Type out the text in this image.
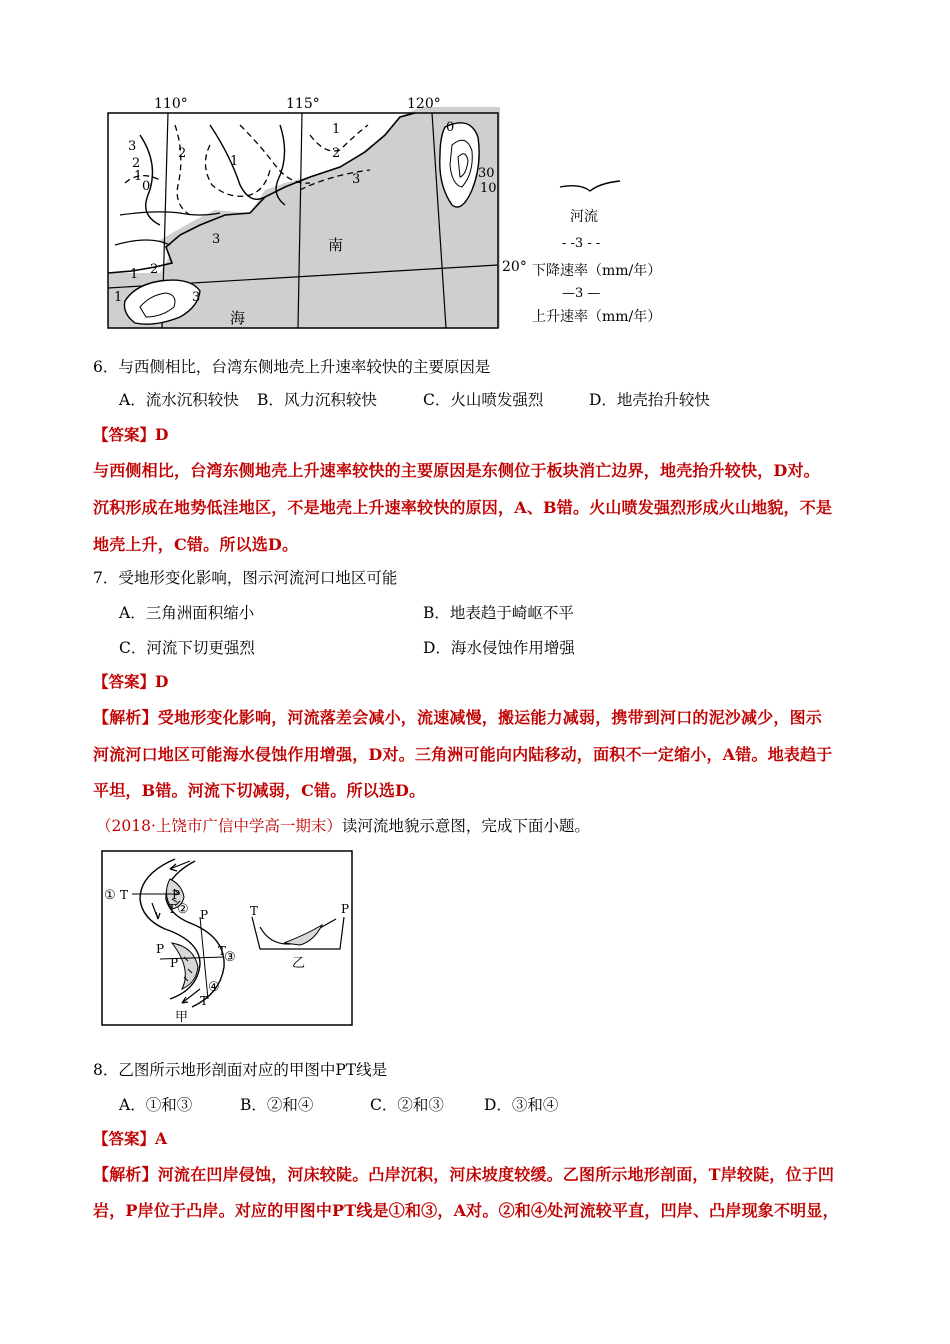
110°	115°	120°
20°
南
海
3
2
1
0
1
2
1
2
3
3
1 2
1	3
0
30
10
河流
- -3 - -
下降速率（mm/年）
—3 —
上升速率（mm/年）
6．与西侧相比，台湾东侧地壳上升速率较快的主要原因是
A．流水沉积较快 B．风力沉积较快	C．火山喷发强烈	D．地壳抬升较快
【答案】D
与西侧相比，台湾东侧地壳上升速率较快的主要原因是东侧位于板块消亡边界，地壳抬升较快，D对。
沉积形成在地势低洼地区，不是地壳上升速率较快的原因，A、B错。火山喷发强烈形成火山地貌，不是
地壳上升，C错。所以选D。
7．受地形变化影响，图示河流河口地区可能
A．三角洲面积缩小	B．地表趋于崎岖不平
C．河流下切更强烈	D．海水侵蚀作用增强
【答案】D
【解析】受地形变化影响，河流落差会减小，流速减慢，搬运能力减弱，携带到河口的泥沙减少，图示
河流河口地区可能海水侵蚀作用增强，D对。三角洲可能向内陆移动，面积不一定缩小，A错。地表趋于
平坦，B错。河流下切减弱，C错。所以选D。
（2018·上饶市广信中学高一期末）读河流地貌示意图，完成下面小题。
① T	P
T ② P
P
P
T
③
④
T
甲
T	P
乙
8．乙图所示地形剖面对应的甲图中PT线是
A．①和③	B．②和④	C．②和③	D．③和④
【答案】A
【解析】河流在凹岸侵蚀，河床较陡。凸岸沉积，河床坡度较缓。乙图所示地形剖面，T岸较陡，位于凹
岩，P岸位于凸岸。对应的甲图中PT线是①和③，A对。②和④处河流较平直，凹岸、凸岸现象不明显，
